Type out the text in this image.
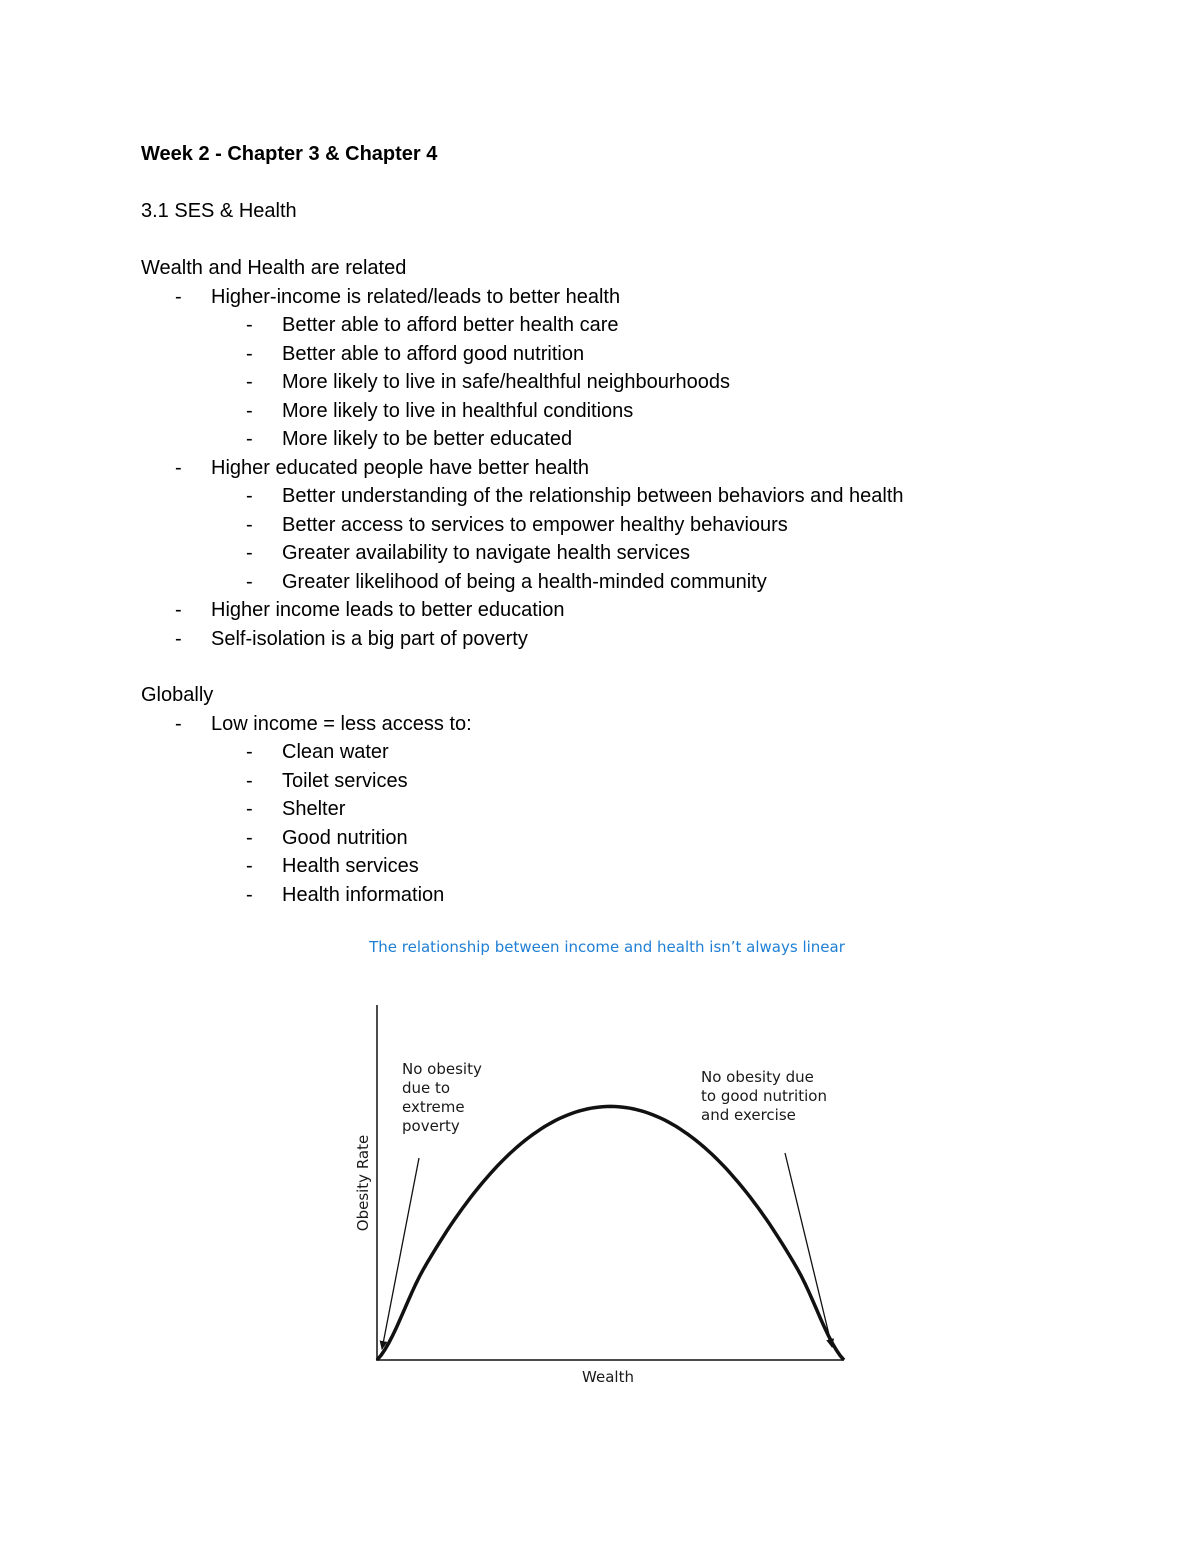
Week 2 - Chapter 3 & Chapter 4
3.1 SES & Health
Wealth and Health are related
- Higher-income is related/leads to better health
- Better able to afford better health care
- Better able to afford good nutrition
- More likely to live in safe/healthful neighbourhoods
- More likely to live in healthful conditions
- More likely to be better educated
- Higher educated people have better health
- Better understanding of the relationship between behaviors and health
- Better access to services to empower healthy behaviours
- Greater availability to navigate health services
- Greater likelihood of being a health-minded community
- Higher income leads to better education
- Self-isolation is a big part of poverty
Globally
- Low income = less access to:
- Clean water
- Toilet services
- Shelter
- Good nutrition
- Health services
- Health information
The relationship between income and health isn’t always linear
Obesity Rate
Wealth
No obesity due to extreme poverty
No obesity due to good nutrition and exercise
